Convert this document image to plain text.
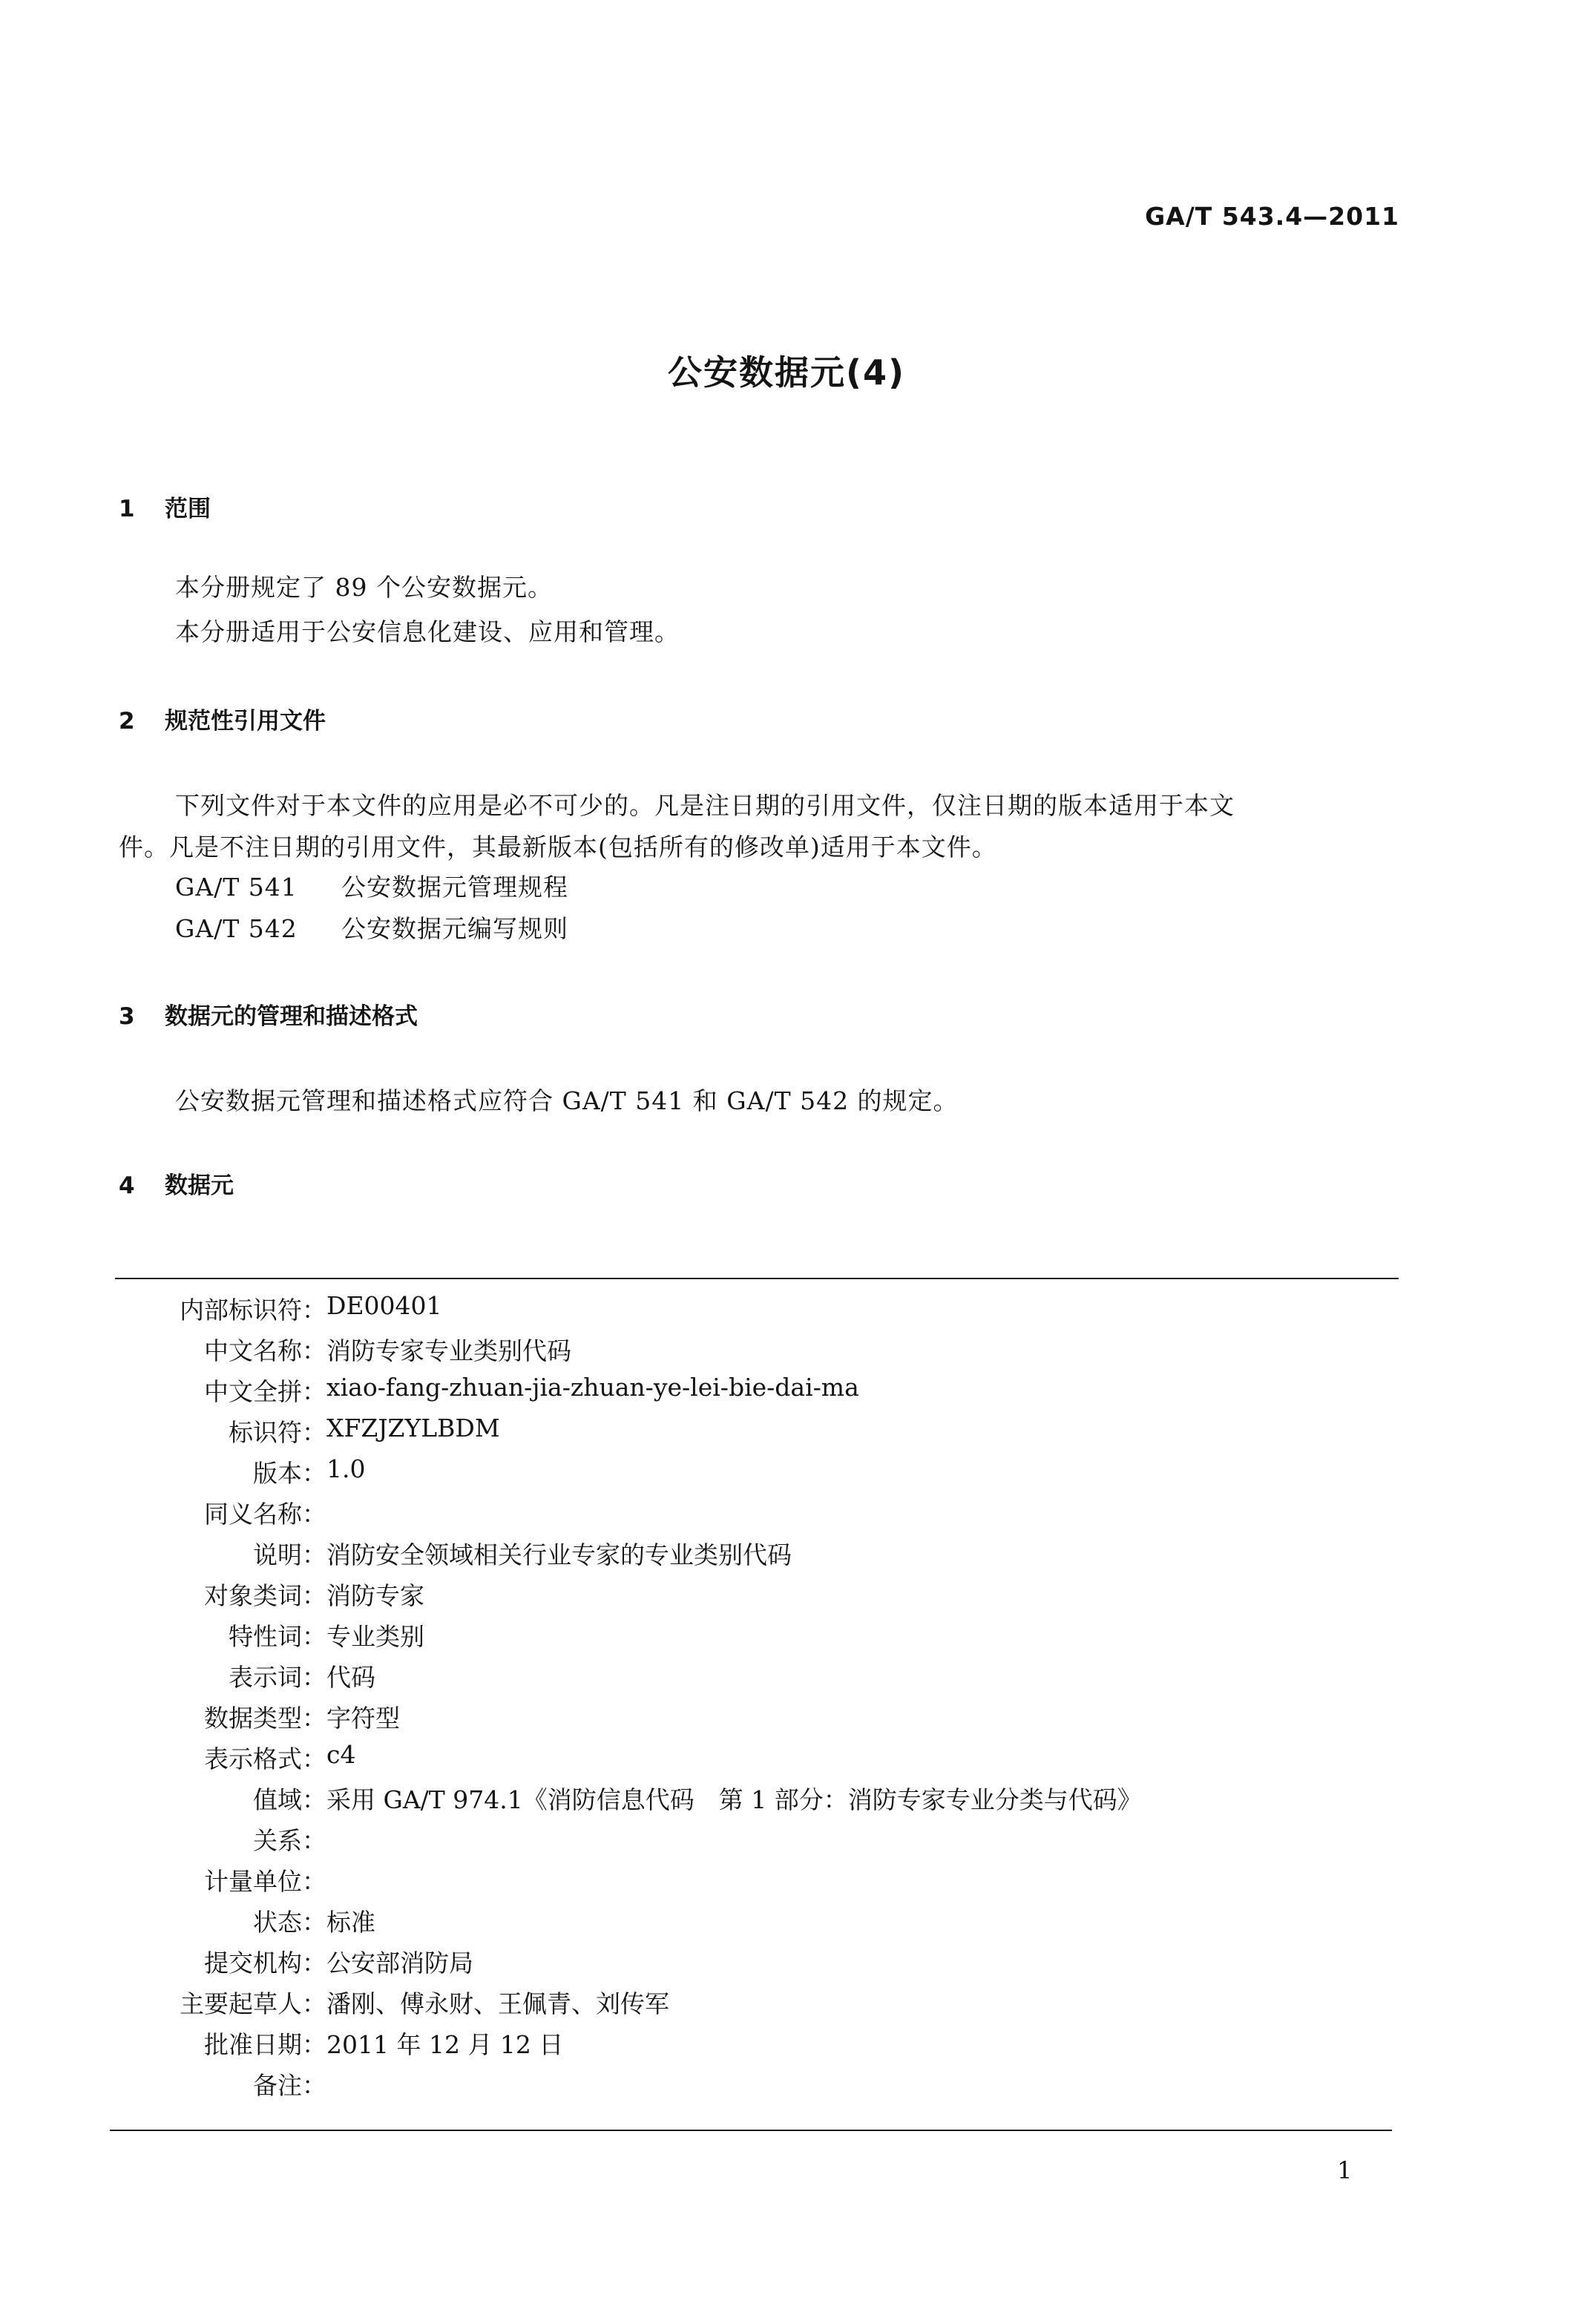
GA/T 543.4—2011
公安数据元(4)
1 范围
本分册规定了 89 个公安数据元。
本分册适用于公安信息化建设、应用和管理。
2 规范性引用文件
下列文件对于本文件的应用是必不可少的。凡是注日期的引用文件，仅注日期的版本适用于本文
件。凡是不注日期的引用文件，其最新版本(包括所有的修改单)适用于本文件。
GA/T 541 公安数据元管理规程
GA/T 542 公安数据元编写规则
3 数据元的管理和描述格式
公安数据元管理和描述格式应符合 GA/T 541 和 GA/T 542 的规定。
4 数据元
内部标识符： DE00401
中文名称： 消防专家专业类别代码
中文全拼： xiao-fang-zhuan-jia-zhuan-ye-lei-bie-dai-ma
标识符： XFZJZYLBDM
版本： 1.0
同义名称：
说明： 消防安全领域相关行业专家的专业类别代码
对象类词： 消防专家
特性词： 专业类别
表示词： 代码
数据类型： 字符型
表示格式： c4
值域： 采用 GA/T 974.1《消防信息代码　第 1 部分：消防专家专业分类与代码》
关系：
计量单位：
状态： 标准
提交机构： 公安部消防局
主要起草人： 潘刚、傅永财、王佩青、刘传军
批准日期： 2011 年 12 月 12 日
备注：
1
